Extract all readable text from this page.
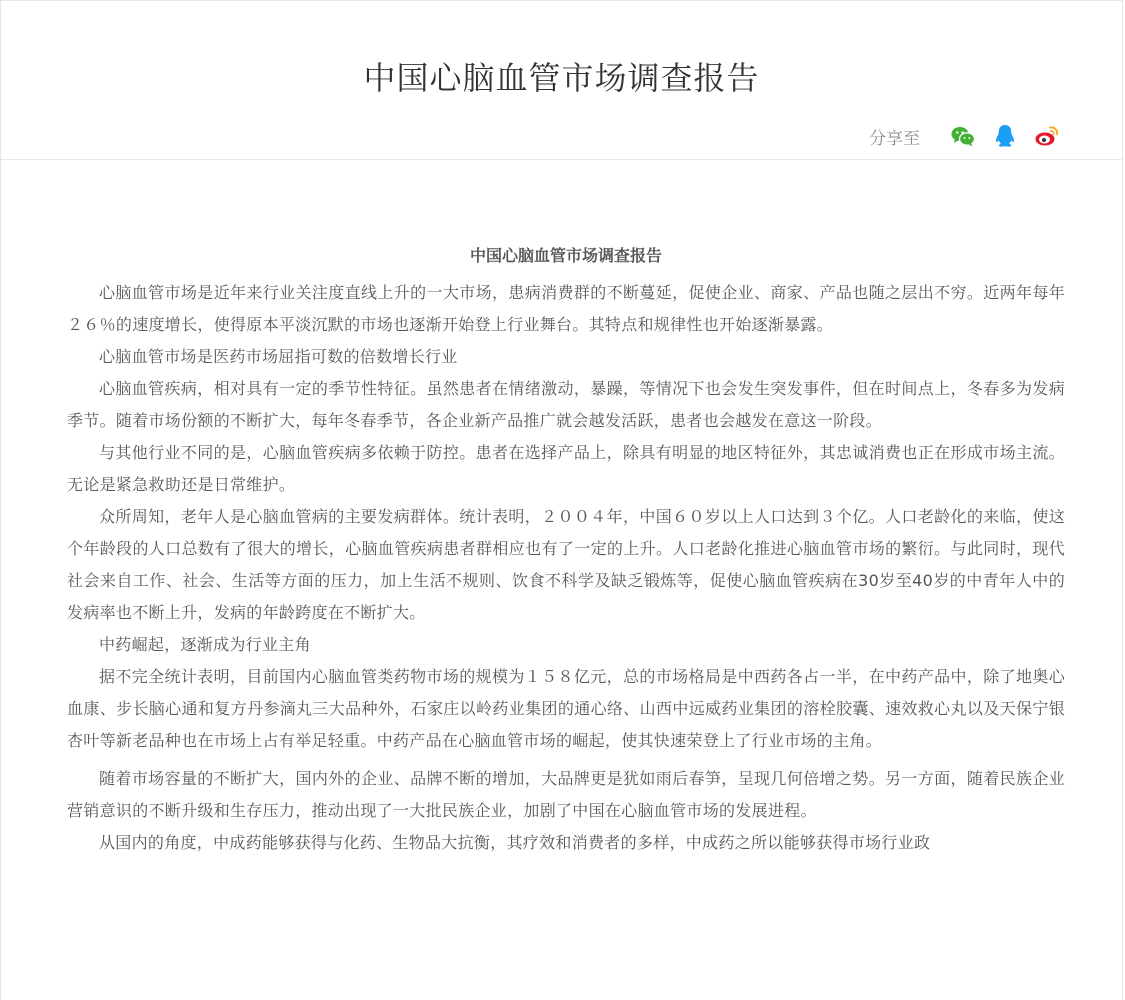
中国心脑血管市场调查报告
分享至
中国心脑血管市场调查报告

心脑血管市场是近年来行业关注度直线上升的一大市场，患病消费群的不断蔓延，促使企业、商家、产品也随之层出不穷。近两年每年２６％的速度增长，使得原本平淡沉默的市场也逐渐开始登上行业舞台。其特点和规律性也开始逐渐暴露。

心脑血管市场是医药市场屈指可数的倍数增长行业

心脑血管疾病，相对具有一定的季节性特征。虽然患者在情绪激动，暴躁，等情况下也会发生突发事件，但在时间点上，冬春多为发病季节。随着市场份额的不断扩大，每年冬春季节，各企业新产品推广就会越发活跃，患者也会越发在意这一阶段。

与其他行业不同的是，心脑血管疾病多依赖于防控。患者在选择产品上，除具有明显的地区特征外，其忠诚消费也正在形成市场主流。无论是紧急救助还是日常维护。

众所周知，老年人是心脑血管病的主要发病群体。统计表明，２００４年，中国６０岁以上人口达到３个亿。人口老龄化的来临，使这个年龄段的人口总数有了很大的增长，心脑血管疾病患者群相应也有了一定的上升。人口老龄化推进心脑血管市场的繁衍。与此同时，现代社会来自工作、社会、生活等方面的压力，加上生活不规则、饮食不科学及缺乏锻炼等，促使心脑血管疾病在30岁至40岁的中青年人中的发病率也不断上升，发病的年龄跨度在不断扩大。

中药崛起，逐渐成为行业主角

据不完全统计表明，目前国内心脑血管类药物市场的规模为１５８亿元，总的市场格局是中西药各占一半，在中药产品中，除了地奥心血康、步长脑心通和复方丹参滴丸三大品种外，石家庄以岭药业集团的通心络、山西中远威药业集团的溶栓胶囊、速效救心丸以及天保宁银杏叶等新老品种也在市场上占有举足轻重。中药产品在心脑血管市场的崛起，使其快速荣登上了行业市场的主角。

随着市场容量的不断扩大，国内外的企业、品牌不断的增加，大品牌更是犹如雨后春笋，呈现几何倍增之势。另一方面，随着民族企业营销意识的不断升级和生存压力，推动出现了一大批民族企业，加剧了中国在心脑血管市场的发展进程。

从国内的角度，中成药能够获得与化药、生物品大抗衡，其疗效和消费者的多样，中成药之所以能够获得市场行业政
